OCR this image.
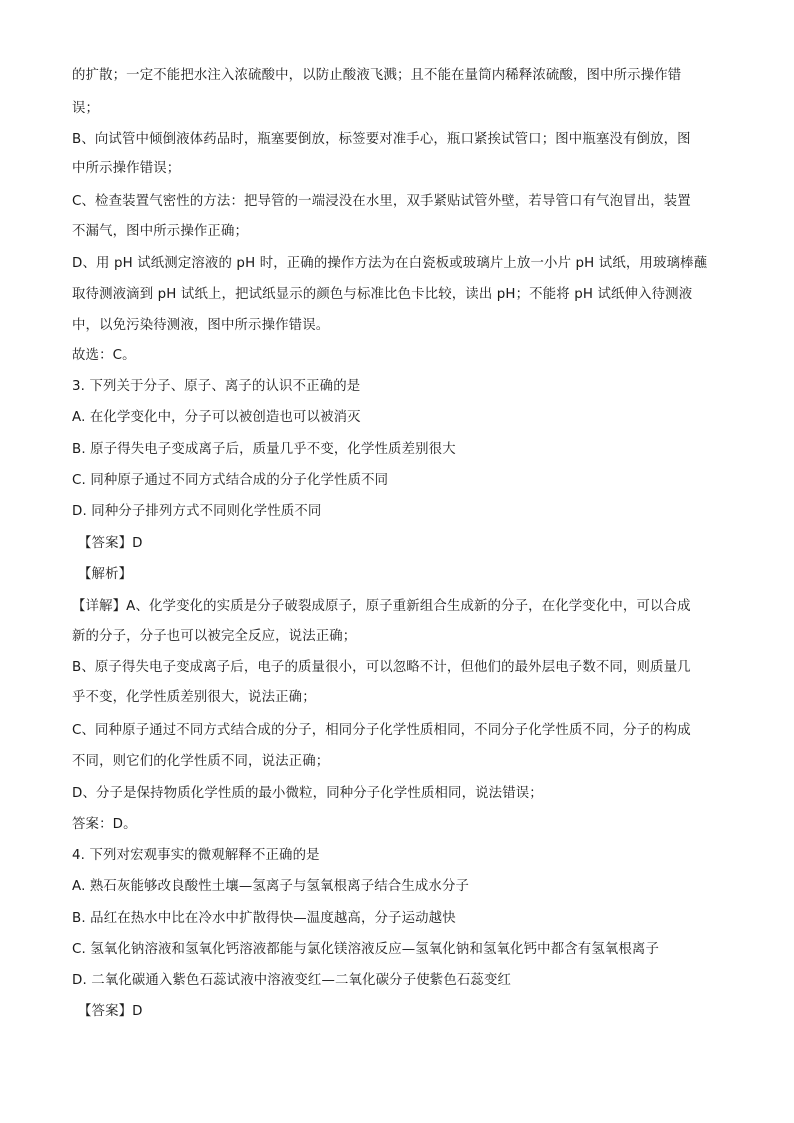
的扩散；一定不能把水注入浓硫酸中，以防止酸液飞溅；且不能在量筒内稀释浓硫酸，图中所示操作错
误；
B、向试管中倾倒液体药品时，瓶塞要倒放，标签要对准手心，瓶口紧挨试管口；图中瓶塞没有倒放，图
中所示操作错误；
C、检查装置气密性的方法：把导管的一端浸没在水里，双手紧贴试管外壁，若导管口有气泡冒出，装置
不漏气，图中所示操作正确；
D、用 pH 试纸测定溶液的 pH 时，正确的操作方法为在白瓷板或玻璃片上放一小片 pH 试纸，用玻璃棒蘸
取待测液滴到 pH 试纸上，把试纸显示的颜色与标准比色卡比较，读出 pH；不能将 pH 试纸伸入待测液
中，以免污染待测液，图中所示操作错误。
故选：C。
3. 下列关于分子、原子、离子的认识不正确的是
A. 在化学变化中，分子可以被创造也可以被消灭
B. 原子得失电子变成离子后，质量几乎不变，化学性质差别很大
C. 同种原子通过不同方式结合成的分子化学性质不同
D. 同种分子排列方式不同则化学性质不同
【答案】D
【解析】
【详解】A、化学变化的实质是分子破裂成原子，原子重新组合生成新的分子，在化学变化中，可以合成
新的分子，分子也可以被完全反应，说法正确；
B、原子得失电子变成离子后，电子的质量很小，可以忽略不计，但他们的最外层电子数不同，则质量几
乎不变，化学性质差别很大，说法正确；
C、同种原子通过不同方式结合成的分子，相同分子化学性质相同，不同分子化学性质不同，分子的构成
不同，则它们的化学性质不同，说法正确；
D、分子是保持物质化学性质的最小微粒，同种分子化学性质相同，说法错误；
答案：D。
4. 下列对宏观事实的微观解释不正确的是
A. 熟石灰能够改良酸性土壤—氢离子与氢氧根离子结合生成水分子
B. 品红在热水中比在冷水中扩散得快—温度越高，分子运动越快
C. 氢氧化钠溶液和氢氧化钙溶液都能与氯化镁溶液反应—氢氧化钠和氢氧化钙中都含有氢氧根离子
D. 二氧化碳通入紫色石蕊试液中溶液变红—二氧化碳分子使紫色石蕊变红
【答案】D
